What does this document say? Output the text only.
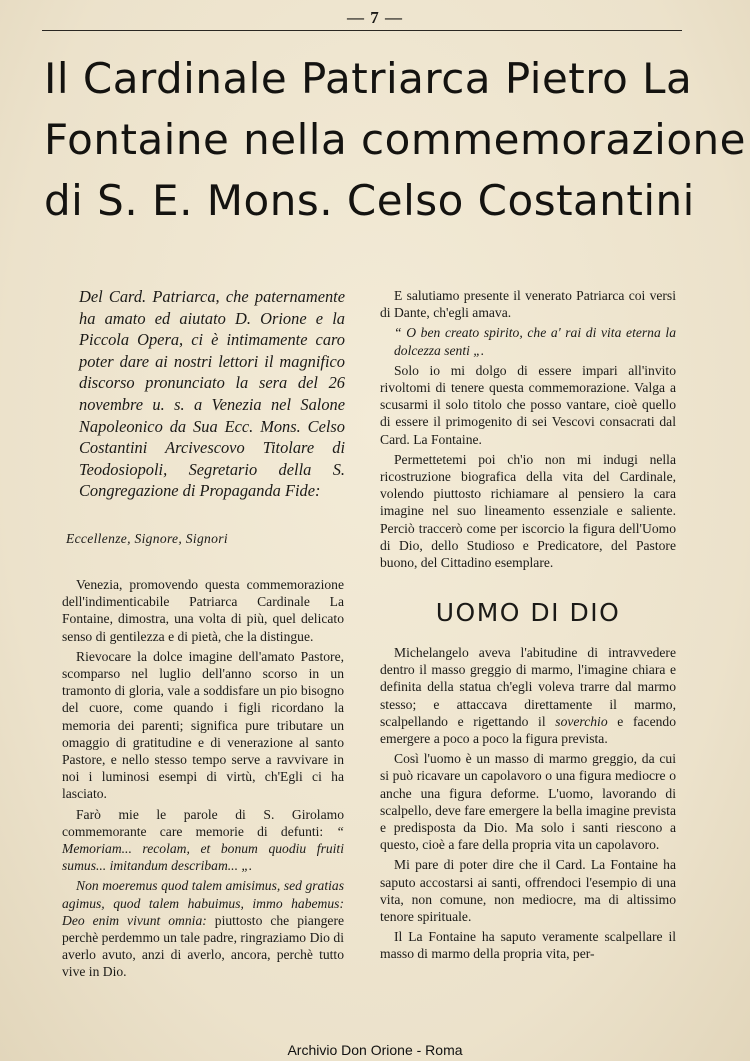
— 7 —
Il Cardinale Patriarca Pietro La
Fontaine nella commemorazione
di S. E. Mons. Celso Costantini

Del Card. Patriarca, che paternamente ha amato ed aiutato D. Orione e la Piccola Opera, ci è intimamente caro poter dare ai nostri lettori il magnifico discorso pronunciato la sera del 26 novembre u. s. a Venezia nel Salone Napoleonico da Sua Ecc. Mons. Celso Costantini Arcivescovo Titolare di Teodosiopoli, Segretario della S. Congregazione di Propaganda Fide:

Eccellenze, Signore, Signori

Venezia, promovendo questa commemorazione dell'indimenticabile Patriarca Cardinale La Fontaine, dimostra, una volta di più, quel delicato senso di gentilezza e di pietà, che la distingue.

Rievocare la dolce imagine dell'amato Pastore, scomparso nel luglio dell'anno scorso in un tramonto di gloria, vale a soddisfare un pio bisogno del cuore, come quando i figli ricordano la memoria dei parenti; significa pure tributare un omaggio di gratitudine e di venerazione al santo Pastore, e nello stesso tempo serve a ravvivare in noi i luminosi esempi di virtù, ch'Egli ci ha lasciato.

Farò mie le parole di S. Girolamo commemorante care memorie di defunti: “ Memoriam... recolam, et bonum quodiu fruiti sumus... imitandum describam... „.

Non moeremus quod talem amisimus, sed gratias agimus, quod talem habuimus, immo habemus: Deo enim vivunt omnia: piuttosto che piangere perchè perdemmo un tale padre, ringraziamo Dio di averlo avuto, anzi di averlo, ancora, perchè tutto vive in Dio.

E salutiamo presente il venerato Patriarca coi versi di Dante, ch'egli amava.

“ O ben creato spirito, che a' rai di vita eterna la dolcezza senti „.

Solo io mi dolgo di essere impari all'invito rivoltomi di tenere questa commemorazione. Valga a scusarmi il solo titolo che posso vantare, cioè quello di essere il primogenito di sei Vescovi consacrati dal Card. La Fontaine.

Permettetemi poi ch'io non mi indugi nella ricostruzione biografica della vita del Cardinale, volendo piuttosto richiamare al pensiero la cara imagine nel suo lineamento essenziale e saliente. Perciò traccerò come per iscorcio la figura dell'Uomo di Dio, dello Studioso e Predicatore, del Pastore buono, del Cittadino esemplare.

UOMO DI DIO

Michelangelo aveva l'abitudine di intravvedere dentro il masso greggio di marmo, l'imagine chiara e definita della statua ch'egli voleva trarre dal marmo stesso; e attaccava direttamente il marmo, scalpellando e rigettando il soverchio e facendo emergere a poco a poco la figura prevista.

Così l'uomo è un masso di marmo greggio, da cui si può ricavare un capolavoro o una figura mediocre o anche una figura deforme. L'uomo, lavorando di scalpello, deve fare emergere la bella imagine prevista e predisposta da Dio. Ma solo i santi riescono a questo, cioè a fare della propria vita un capolavoro.

Mi pare di poter dire che il Card. La Fontaine ha saputo accostarsi ai santi, offrendoci l'esempio di una vita, non comune, non mediocre, ma di altissimo tenore spirituale.

Il La Fontaine ha saputo veramente scalpellare il masso di marmo della propria vita, per-

Archivio Don Orione - Roma
